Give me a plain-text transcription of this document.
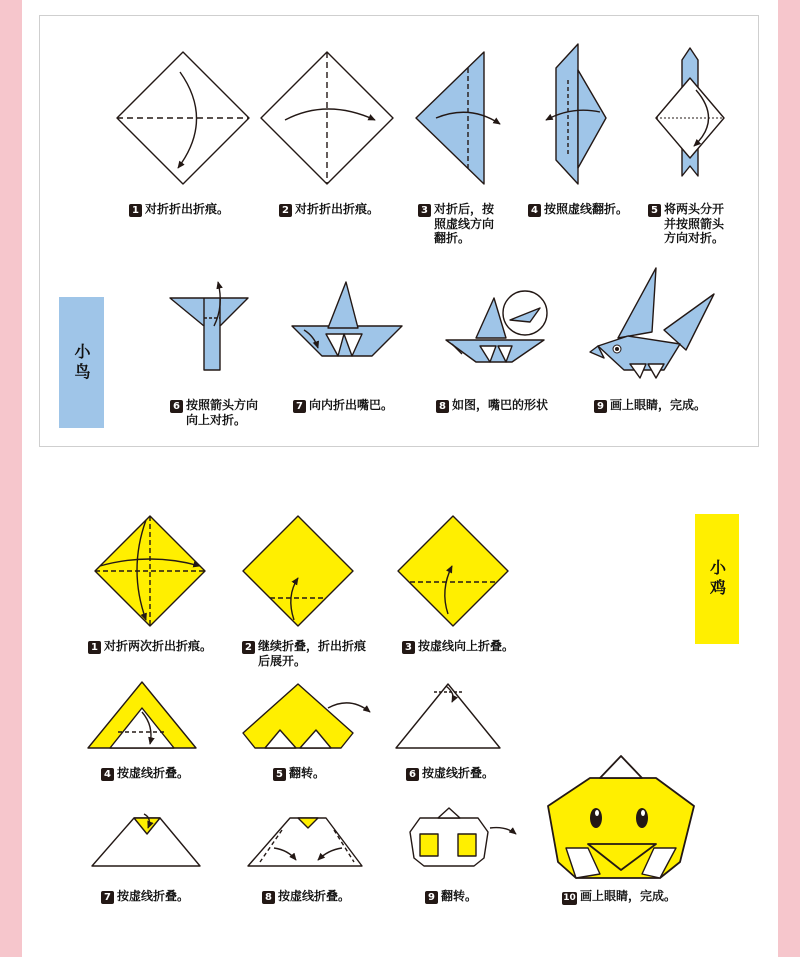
小鸟
1 对折折出折痕。	2 对折折出折痕。	3 对折后，按
照虚线方向
翻折。
4 按照虚线翻折。	5 将两头分开
并按照箭头
方向对折。
6 按照箭头方向
向上对折。
7 向内折出嘴巴。	8 如图，嘴巴的形状	9 画上眼睛，完成。
小鸡
1 对折两次折出折痕。	2 继续折叠，折出折痕
后展开。
3 按虚线向上折叠。
4 按虚线折叠。	5 翻转。	6 按虚线折叠。
7 按虚线折叠。	8 按虚线折叠。	9 翻转。	10 画上眼睛，完成。
